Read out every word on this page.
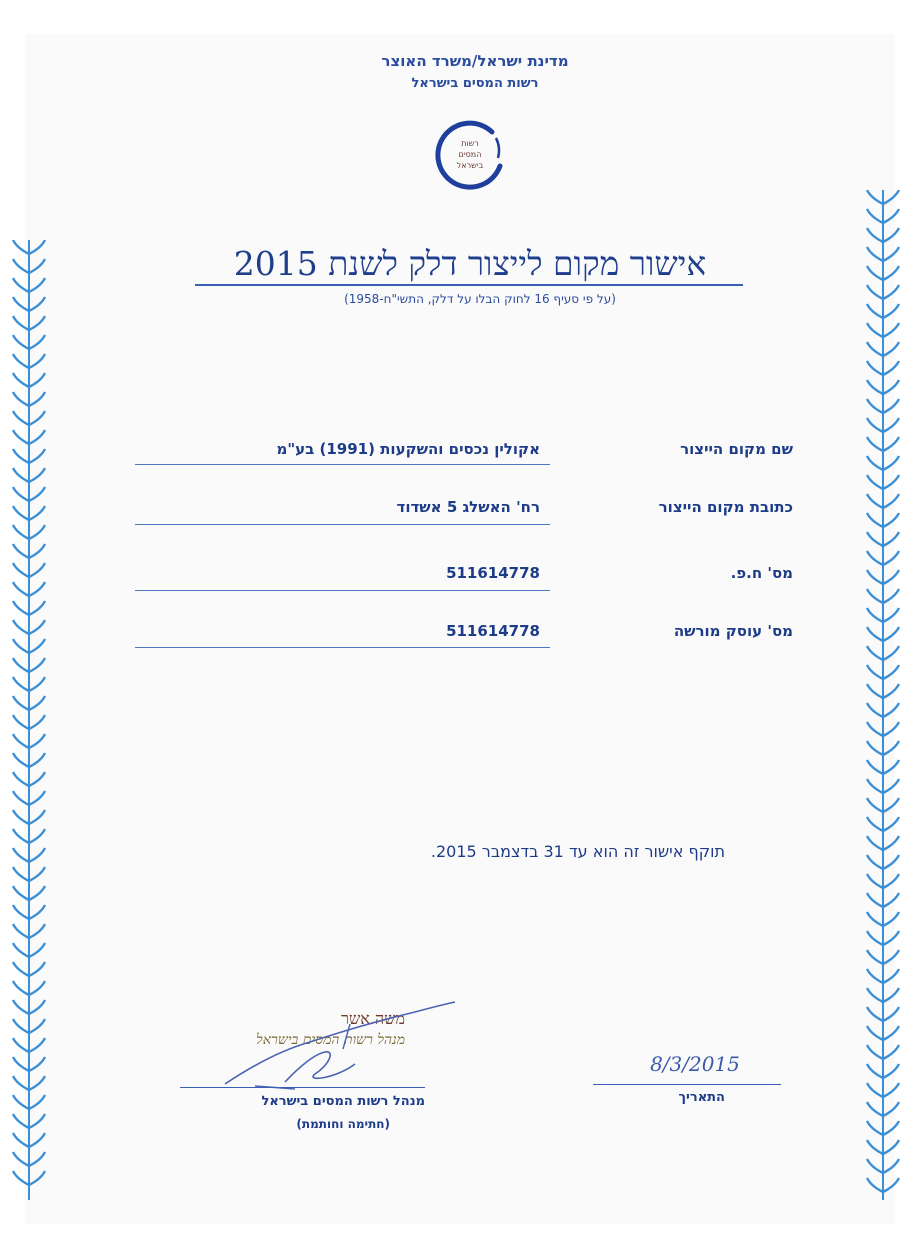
מדינת ישראל/משרד האוצר
רשות המסים בישראל
רשות
המסים
בישראל
אישור מקום לייצור דלק לשנת 2015
(על פי סעיף 16 לחוק הבלו על דלק, התשי"ח-1958)
שם מקום הייצור
אקולין נכסים והשקעות (1991) בע"מ
כתובת מקום הייצור
רח' האשלג 5 אשדוד
מס' ח.פ.
511614778
מס' עוסק מורשה
511614778
תוקף אישור זה הוא עד 31 בדצמבר 2015.
משה אשר
מנהל רשות המסים בישראל
מנהל רשות המסים בישראל
(חתימה וחותמת)
8/3/2015
התאריך
